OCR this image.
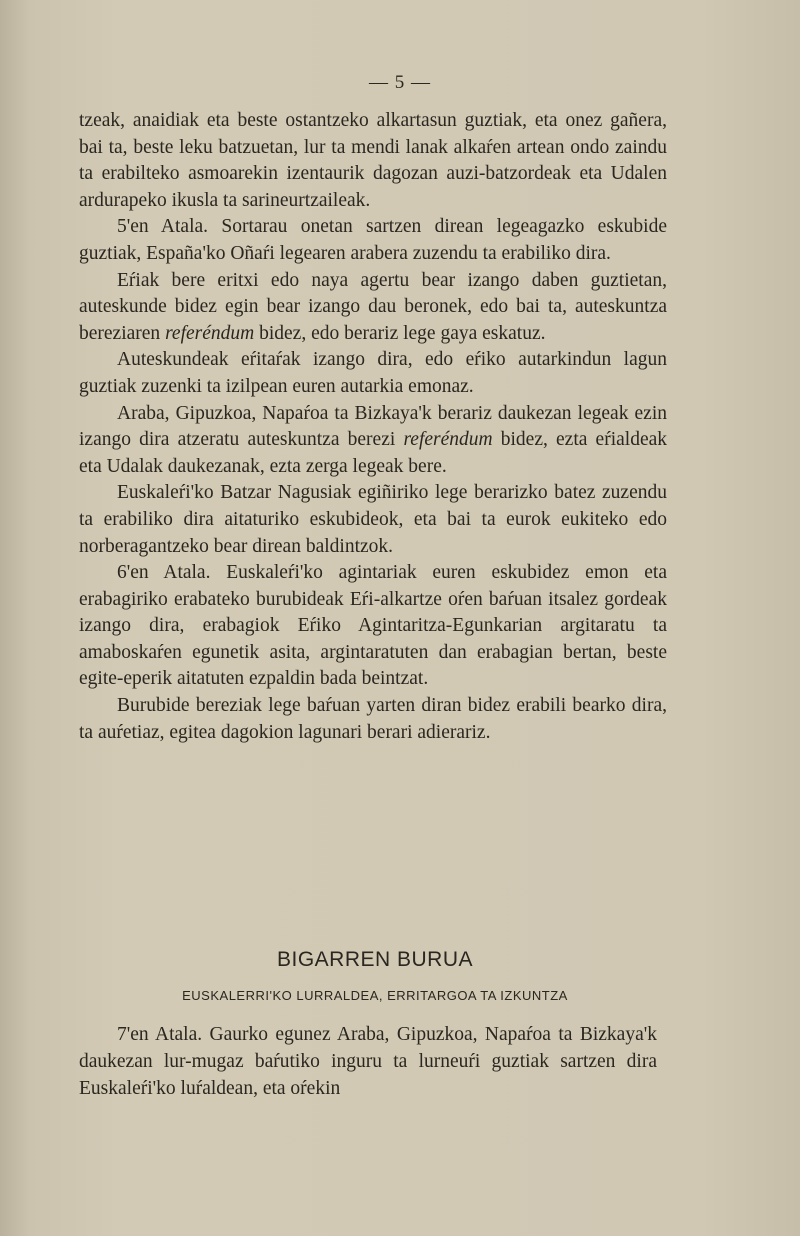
— 5 —

tzeak, anaidiak eta beste ostantzeko alkartasun guztiak, eta onez gañera, bai ta, beste leku batzuetan, lur ta mendi lanak alkaŕen artean ondo zaindu ta erabilteko asmoarekin izentaurik dagozan auzi-batzordeak eta Udalen ardurapeko ikusla ta sarineurtzaileak.

5'en Atala. Sortarau onetan sartzen direan legeagazko eskubide guztiak, España'ko Oñaŕi legearen arabera zuzendu ta erabiliko dira.

Eŕiak bere eritxi edo naya agertu bear izango daben guztietan, auteskunde bidez egin bear izango dau beronek, edo bai ta, auteskuntza bereziaren referéndum bidez, edo berariz lege gaya eskatuz.

Auteskundeak eŕitaŕak izango dira, edo eŕiko autarkindun lagun guztiak zuzenki ta izilpean euren autarkia emonaz.

Araba, Gipuzkoa, Napaŕoa ta Bizkaya'k berariz daukezan legeak ezin izango dira atzeratu auteskuntza berezi referéndum bidez, ezta eŕialdeak eta Udalak daukezanak, ezta zerga legeak bere.

Euskaleŕi'ko Batzar Nagusiak egiñiriko lege berarizko batez zuzendu ta erabiliko dira aitaturiko eskubideok, eta bai ta eurok eukiteko edo norberagantzeko bear direan baldintzok.

6'en Atala. Euskaleŕi'ko agintariak euren eskubidez emon eta erabagiriko erabateko burubideak Eŕi-alkartze oŕen baŕuan itsalez gordeak izango dira, erabagiok Eŕiko Agintaritza-Egunkarian argitaratu ta amaboskaŕen egunetik asita, argintaratuten dan erabagian bertan, beste egite-eperik aitatuten ezpaldin bada beintzat.

Burubide bereziak lege baŕuan yarten diran bidez erabili bearko dira, ta auŕetiaz, egitea dagokion lagunari berari adierariz.

BIGARREN BURUA
EUSKALERRI'KO LURRALDEA, ERRITARGOA TA IZKUNTZA

7'en Atala. Gaurko egunez Araba, Gipuzkoa, Napaŕoa ta Bizkaya'k daukezan lur-mugaz baŕutiko inguru ta lurneuŕi guztiak sartzen dira Euskaleŕi'ko luŕaldean, eta oŕekin
